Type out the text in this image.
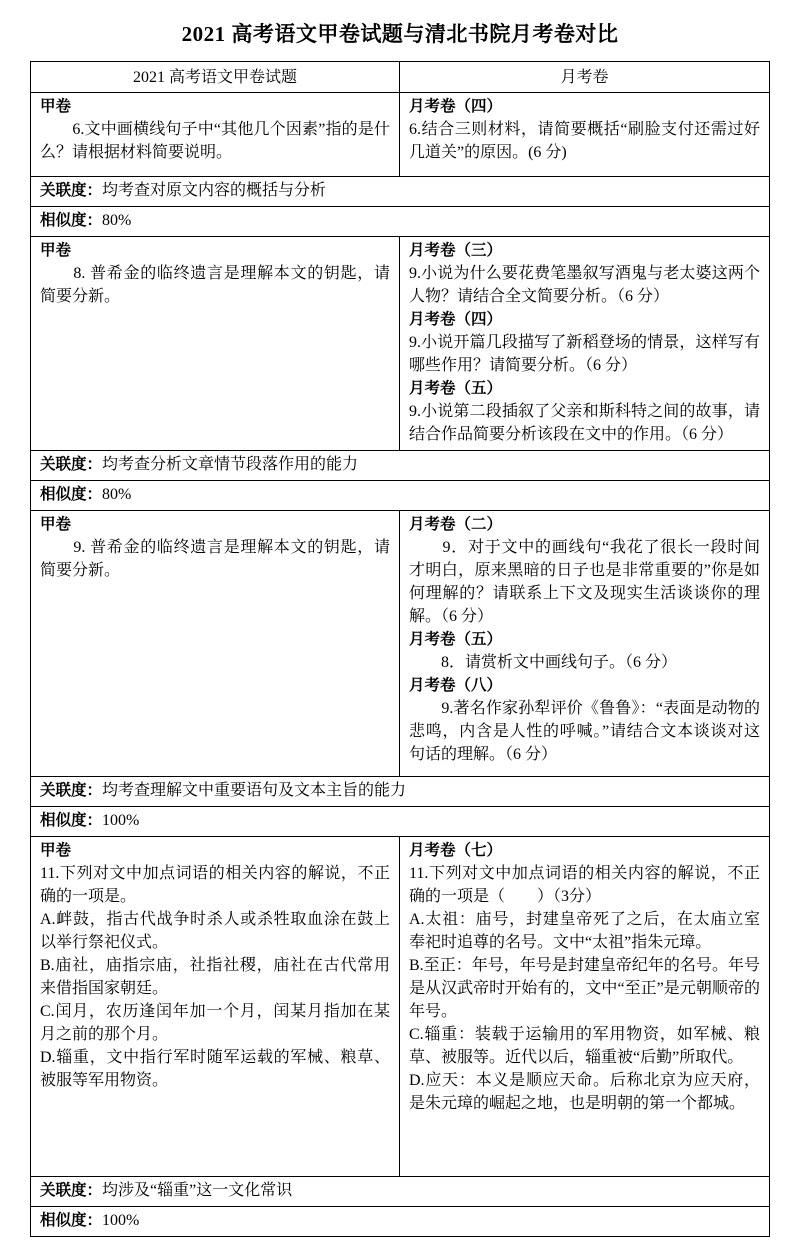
2021 高考语文甲卷试题与清北书院月考卷对比
2021 高考语文甲卷试题	月考卷
甲卷

　　6.文中画横线句子中“其他几个因素”指的是什么？请根据材料简要说明。

月考卷（四）

6.结合三则材料，请简要概括“刷脸支付还需过好几道关”的原因。(6 分)

关联度： 均考查对原文内容的概括与分析
相似度： 80%
甲卷

　　8. 普希金的临终遗言是理解本文的钥匙，请简要分新。

月考卷（三）

9.小说为什么要花费笔墨叙写酒鬼与老太婆这两个人物？请结合全文简要分析。（6 分）

月考卷（四）

9.小说开篇几段描写了新稻登场的情景，这样写有哪些作用？请简要分析。（6 分）

月考卷（五）

9.小说第二段插叙了父亲和斯科特之间的故事，请结合作品简要分析该段在文中的作用。（6 分）

关联度： 均考查分析文章情节段落作用的能力
相似度： 80%
甲卷

　　9. 普希金的临终遗言是理解本文的钥匙，请简要分新。

月考卷（二）

　　9．对于文中的画线句“我花了很长一段时间才明白，原来黑暗的日子也是非常重要的”你是如何理解的？请联系上下文及现实生活谈谈你的理解。（6 分）

月考卷（五）

　　8．请赏析文中画线句子。（6 分）

月考卷（八）

　　9.著名作家孙犁评价《鲁鲁》：“表面是动物的悲鸣，内含是人性的呼喊。”请结合文本谈谈对这句话的理解。（6 分）

关联度： 均考查理解文中重要语句及文本主旨的能力
相似度： 100%
甲卷

11.下列对文中加点词语的相关内容的解说，不正确的一项是。

A.衅鼓，指古代战争时杀人或杀牲取血涂在鼓上以举行祭祀仪式。

B.庙社，庙指宗庙，社指社稷，庙社在古代常用来借指国家朝廷。

C.闰月，农历逢闰年加一个月，闰某月指加在某月之前的那个月。

D.辎重，文中指行军时随军运载的军械、粮草、被服等军用物资。

月考卷（七）

11.下列对文中加点词语的相关内容的解说，不正确的一项是（　　）（3分）

A.太祖：庙号，封建皇帝死了之后，在太庙立室奉祀时追尊的名号。文中“太祖”指朱元璋。

B.至正：年号，年号是封建皇帝纪年的名号。年号是从汉武帝时开始有的，文中“至正”是元朝顺帝的年号。

C.辎重：装载于运输用的军用物资，如军械、粮草、被服等。近代以后，辎重被“后勤”所取代。

D.应天：本义是顺应天命。后称北京为应天府，是朱元璋的崛起之地，也是明朝的第一个都城。

关联度： 均涉及“辎重”这一文化常识
相似度： 100%
